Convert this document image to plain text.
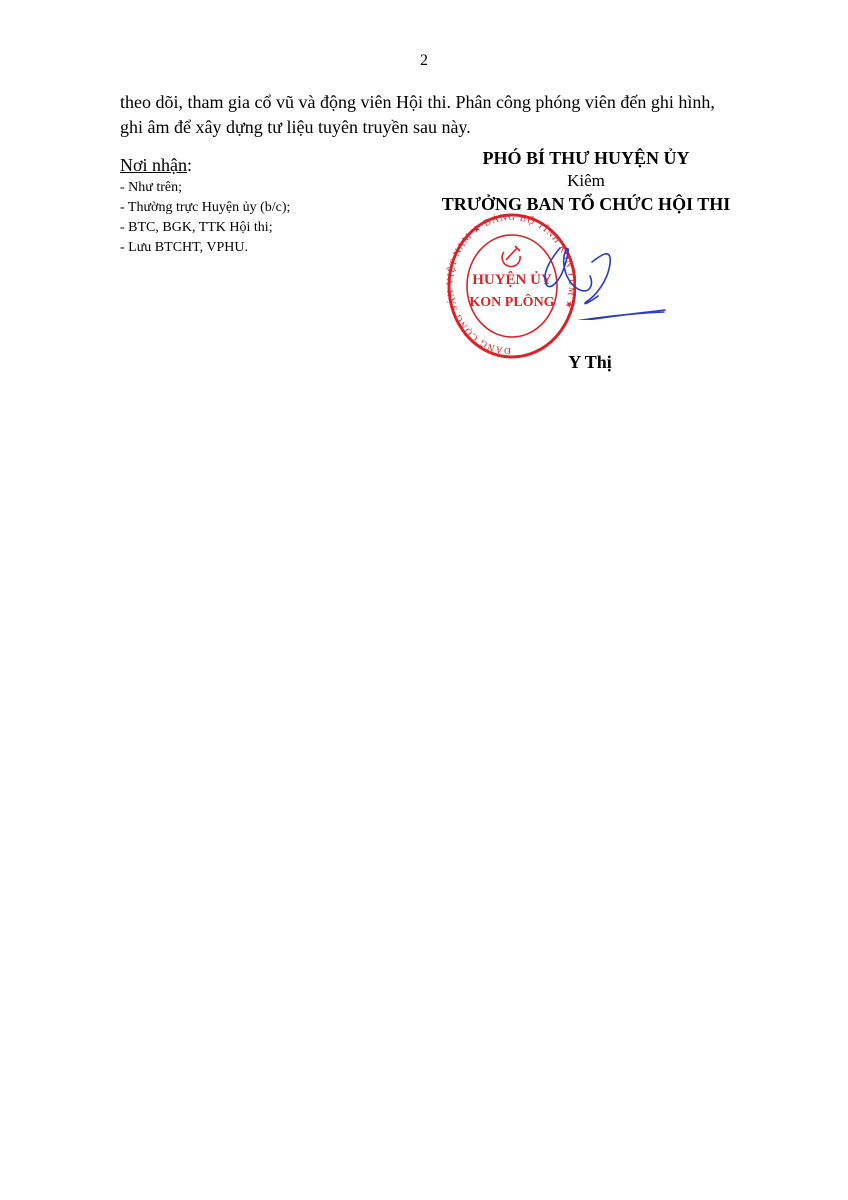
2
theo dõi, tham gia cổ vũ và động viên Hội thi. Phân công phóng viên đến ghi hình,
ghi âm để xây dựng tư liệu tuyên truyền sau này.
Nơi nhận:
- Như trên;
- Thường trực Huyện ủy (b/c);
- BTC, BGK, TTK Hội thi;
- Lưu BTCHT, VPHU.
PHÓ BÍ THƯ HUYỆN ỦY
Kiêm
TRƯỞNG BAN TỔ CHỨC HỘI THI
ĐẢNG CỘNG SẢN VIỆT NAM ★ ĐẢNG BỘ TỈNH KON TUM ★
HUYỆN ỦY
KON PLÔNG
Y Thị
